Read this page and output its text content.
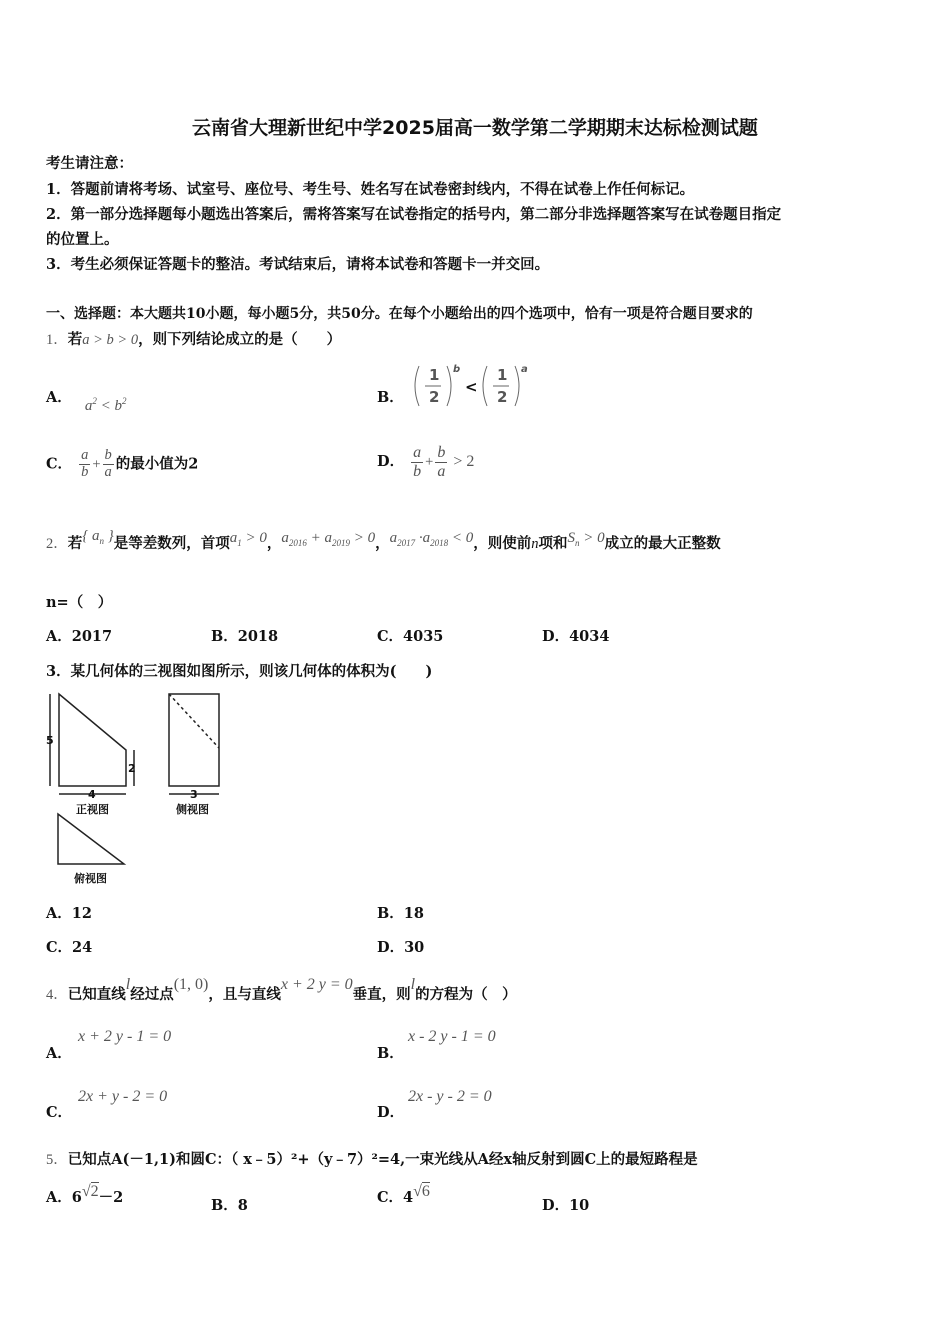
云南省大理新世纪中学2025届高一数学第二学期期末达标检测试题
考生请注意：
1．答题前请将考场、试室号、座位号、考生号、姓名写在试卷密封线内，不得在试卷上作任何标记。
2．第一部分选择题每小题选出答案后，需将答案写在试卷指定的括号内，第二部分非选择题答案写在试卷题目指定
的位置上。
3．考生必须保证答题卡的整洁。考试结束后，请将本试卷和答题卡一并交回。
一、选择题：本大题共10小题，每小题5分，共50分。在每个小题给出的四个选项中，恰有一项是符合题目要求的
1．若a > b > 0，则下列结论成立的是（　　）
A． $a^2 < b^2$	B．
1
2
1
2
b	a
<
C． $\frac{a}{b} + \frac{b}{a}$ 的最小值为2	D． $\frac{a}{b} + \frac{b}{a} > 2$
2．若{ $a_n$ }是等差数列，首项$a_1 > 0$，$a_{2016} + a_{2019} > 0$，$a_{2017} \cdot a_{2018} < 0$，则使前n项和$S_n > 0$成立的最大正整数
n=（　）
A．2017	B．2018	C．4035	D．4034
3．某几何体的三视图如图所示，则该几何体的体积为(　　)
5
4
2
3
正视图	侧视图
俯视图
A．12	B．18
C．24	D．30
4．已知直线l经过点(1, 0)，且与直线x + 2 y = 0垂直，则l的方程为（　）
A．
x + 2 y - 1 = 0
B．
x - 2 y - 1 = 0
C．
2x + y - 2 = 0
D．
2x - y - 2 = 0
5．已知点A(－1,1)和圆C：（ x﹣5）²+（y﹣7）²=4,一束光线从A经x轴反射到圆C上的最短路程是
A．6√2－2	B．8	C．4√6
D．10
